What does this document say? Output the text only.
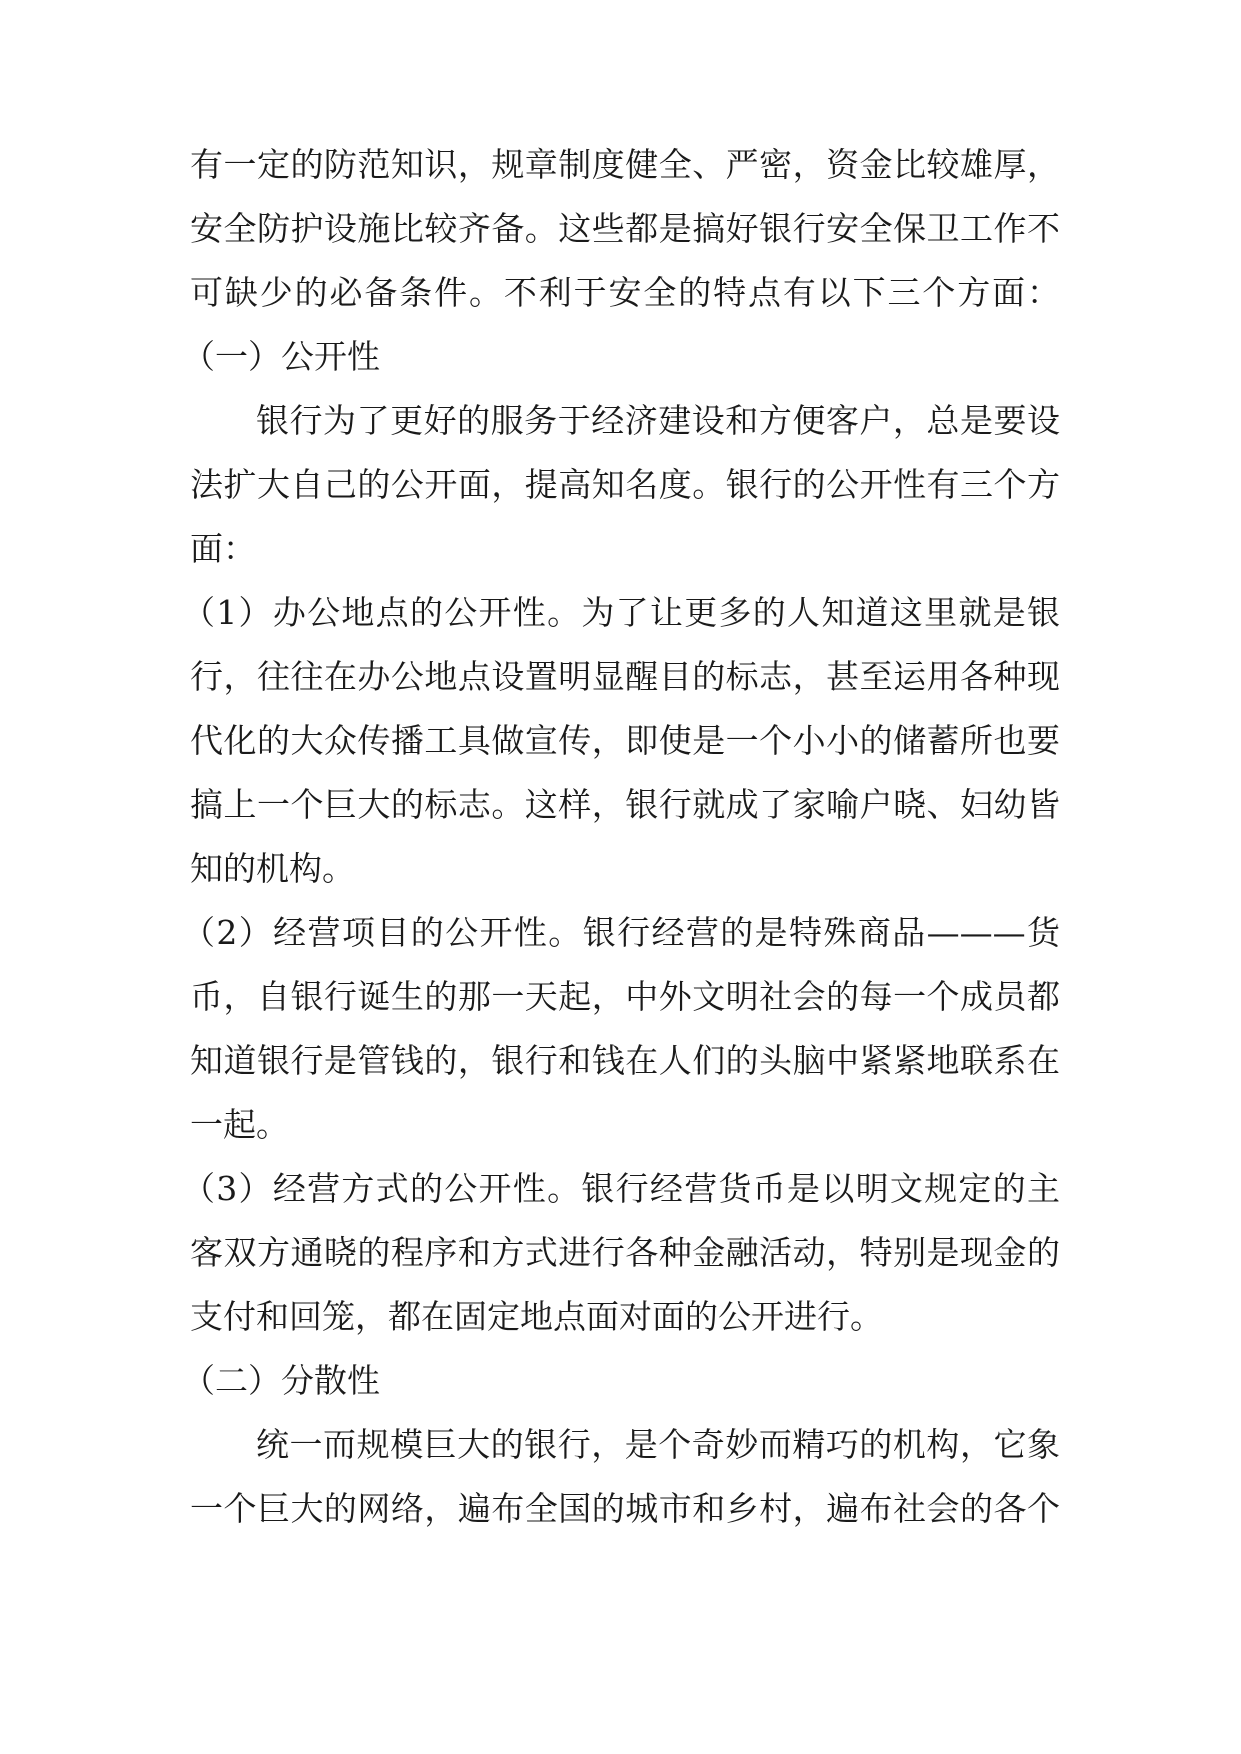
有一定的防范知识，规章制度健全、严密，资金比较雄厚，

安全防护设施比较齐备。这些都是搞好银行安全保卫工作不

可缺少的必备条件。不利于安全的特点有以下三个方面：

（一）公开性

银行为了更好的服务于经济建设和方便客户，总是要设

法扩大自己的公开面，提高知名度。银行的公开性有三个方

面：

（1）办公地点的公开性。为了让更多的人知道这里就是银

行，往往在办公地点设置明显醒目的标志，甚至运用各种现

代化的大众传播工具做宣传，即使是一个小小的储蓄所也要

搞上一个巨大的标志。这样，银行就成了家喻户晓、妇幼皆

知的机构。

（2）经营项目的公开性。银行经营的是特殊商品———货

币，自银行诞生的那一天起，中外文明社会的每一个成员都

知道银行是管钱的，银行和钱在人们的头脑中紧紧地联系在

一起。

（3）经营方式的公开性。银行经营货币是以明文规定的主

客双方通晓的程序和方式进行各种金融活动，特别是现金的

支付和回笼，都在固定地点面对面的公开进行。

（二）分散性

统一而规模巨大的银行，是个奇妙而精巧的机构，它象

一个巨大的网络，遍布全国的城市和乡村，遍布社会的各个
